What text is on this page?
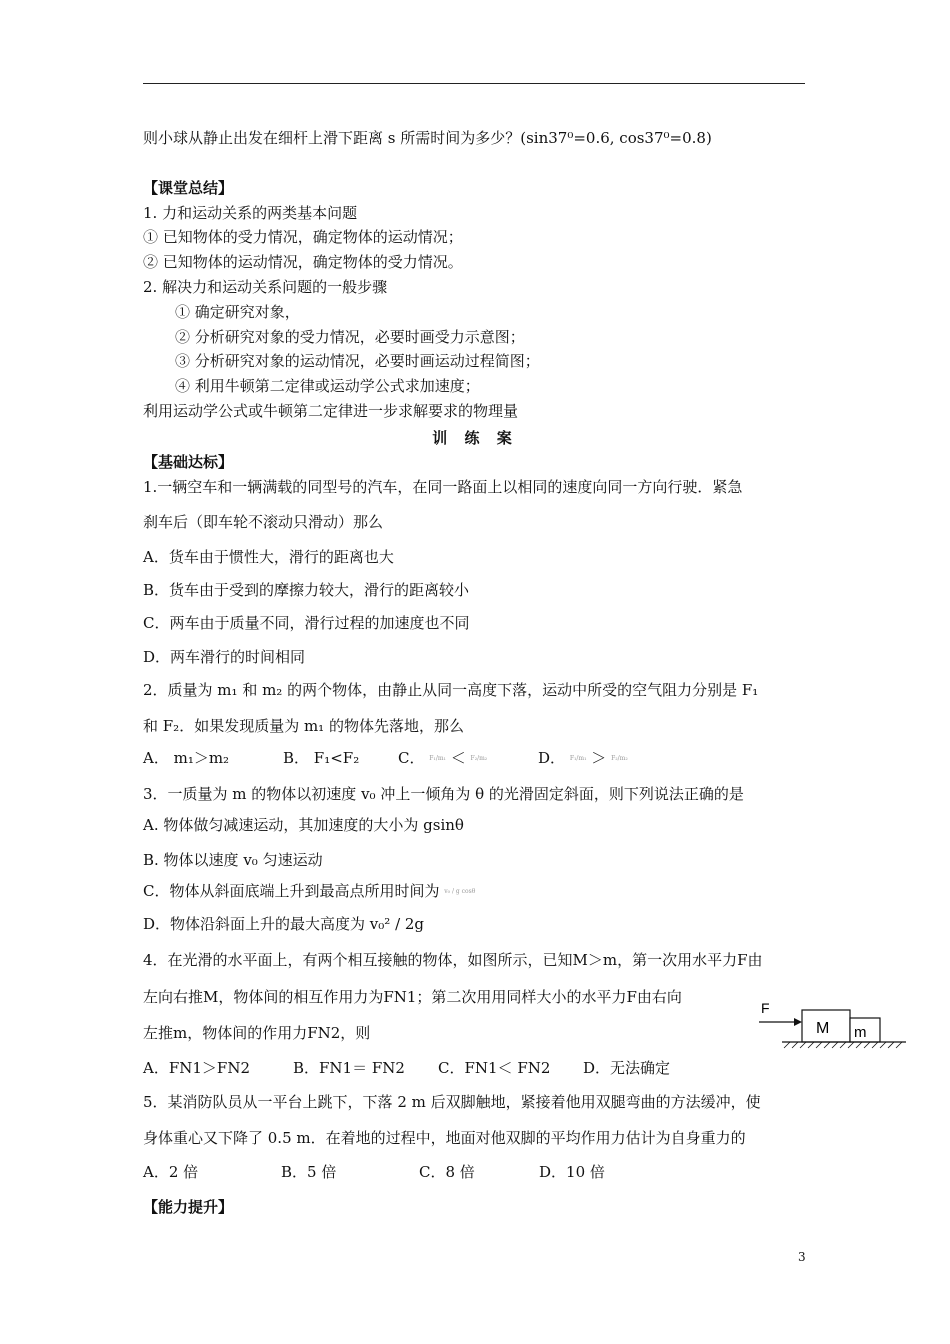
则小球从静止出发在细杆上滑下距离 s 所需时间为多少？(sin37⁰=0.6, cos37⁰=0.8)
【课堂总结】
1. 力和运动关系的两类基本问题
① 已知物体的受力情况，确定物体的运动情况；
② 已知物体的运动情况，确定物体的受力情况。
2. 解决力和运动关系问题的一般步骤
① 确定研究对象，
② 分析研究对象的受力情况，必要时画受力示意图；
③ 分析研究对象的运动情况，必要时画运动过程简图；
④ 利用牛顿第二定律或运动学公式求加速度；
利用运动学公式或牛顿第二定律进一步求解要求的物理量
训 练 案
【基础达标】
1.一辆空车和一辆满载的同型号的汽车，在同一路面上以相同的速度向同一方向行驶．紧急
刹车后（即车轮不滚动只滑动）那么
A．货车由于惯性大，滑行的距离也大
B．货车由于受到的摩擦力较大，滑行的距离较小
C．两车由于质量不同，滑行过程的加速度也不同
D．两车滑行的时间相同
2．质量为 m₁ 和 m₂ 的两个物体，由静止从同一高度下落，运动中所受的空气阻力分别是 F₁
和 F₂．如果发现质量为 m₁ 的物体先落地，那么
A． m₁＞m₂	B． F₁<F₂	C． F₁/m₁ ＜ F₂/m₂	D． F₁/m₁ ＞ F₂/m₂
3．一质量为 m 的物体以初速度 v₀ 冲上一倾角为 θ 的光滑固定斜面，则下列说法正确的是
A. 物体做匀减速运动，其加速度的大小为 gsinθ
B. 物体以速度 v₀ 匀速运动
C．物体从斜面底端上升到最高点所用时间为 v₀ / g cosθ
D．物体沿斜面上升的最大高度为 v₀² / 2g
4．在光滑的水平面上，有两个相互接触的物体，如图所示，已知M＞m，第一次用水平力F由
左向右推M，物体间的相互作用力为FN1；第二次用用同样大小的水平力F由右向
左推m，物体间的作用力FN2，则
F
M m
A．FN1＞FN2	B．FN1＝ FN2 C．FN1＜ FN2 D．无法确定
5．某消防队员从一平台上跳下，下落 2 m 后双脚触地，紧接着他用双腿弯曲的方法缓冲，使
身体重心又下降了 0.5 m．在着地的过程中，地面对他双脚的平均作用力估计为自身重力的
A．2 倍	B．5 倍	C．8 倍	D．10 倍
【能力提升】
3
